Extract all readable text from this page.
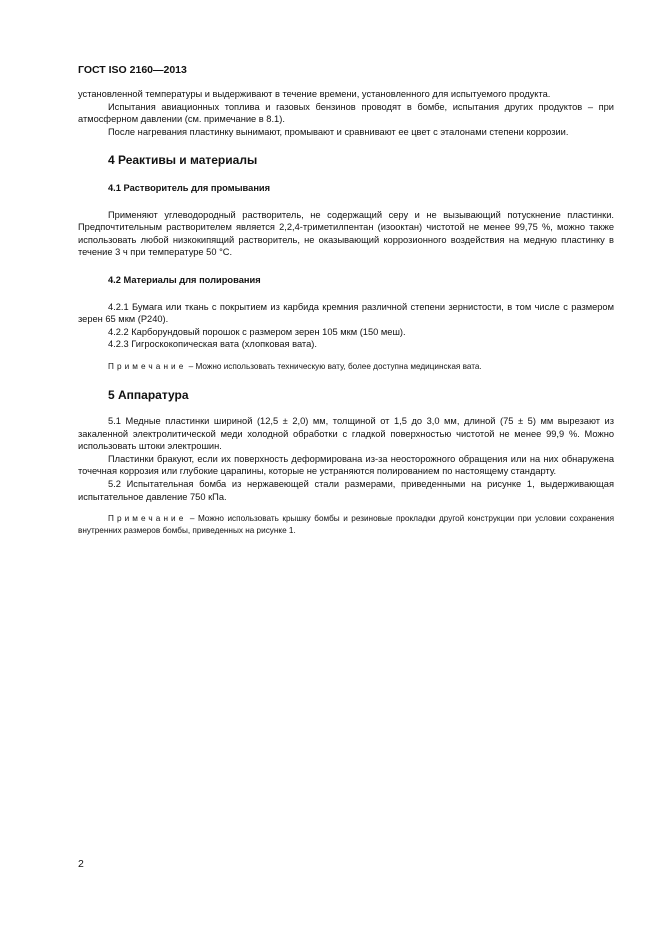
ГОСТ ISO 2160—2013

установленной температуры и выдерживают в течение времени, установленного для испытуемого продукта.

Испытания авиационных топлива и газовых бензинов проводят в бомбе, испытания других продуктов – при атмосферном давлении (см. примечание в 8.1).

После нагревания пластинку вынимают, промывают и сравнивают ее цвет с эталонами степени коррозии.

4 Реактивы и материалы
4.1 Растворитель для промывания

Применяют углеводородный растворитель, не содержащий серу и не вызывающий потускнение пластинки. Предпочтительным растворителем является 2,2,4-триметилпентан (изооктан) чистотой не менее 99,75 %, можно также использовать любой низкокипящий растворитель, не оказывающий коррозионного воздействия на медную пластинку в течение 3 ч при температуре 50 °С.

4.2 Материалы для полирования

4.2.1 Бумага или ткань с покрытием из карбида кремния различной степени зернистости, в том числе с размером зерен 65 мкм (Р240).

4.2.2 Карборундовый порошок с размером зерен 105 мкм (150 меш).

4.2.3 Гигроскокопическая вата (хлопковая вата).

Примечание – Можно использовать техническую вату, более доступна медицинская вата.

5 Аппаратура

5.1 Медные пластинки шириной (12,5 ± 2,0) мм, толщиной от 1,5 до 3,0 мм, длиной (75 ± 5) мм вырезают из закаленной электролитической меди холодной обработки с гладкой поверхностью чистотой не менее 99,9 %. Можно использовать штоки электрошин.

Пластинки бракуют, если их поверхность деформирована из-за неосторожного обращения или на них обнаружена точечная коррозия или глубокие царапины, которые не устраняются полированием по настоящему стандарту.

5.2 Испытательная бомба из нержавеющей стали размерами, приведенными на рисунке 1, выдерживающая испытательное давление 750 кПа.

Примечание – Можно использовать крышку бомбы и резиновые прокладки другой конструкции при условии сохранения внутренних размеров бомбы, приведенных на рисунке 1.

2
